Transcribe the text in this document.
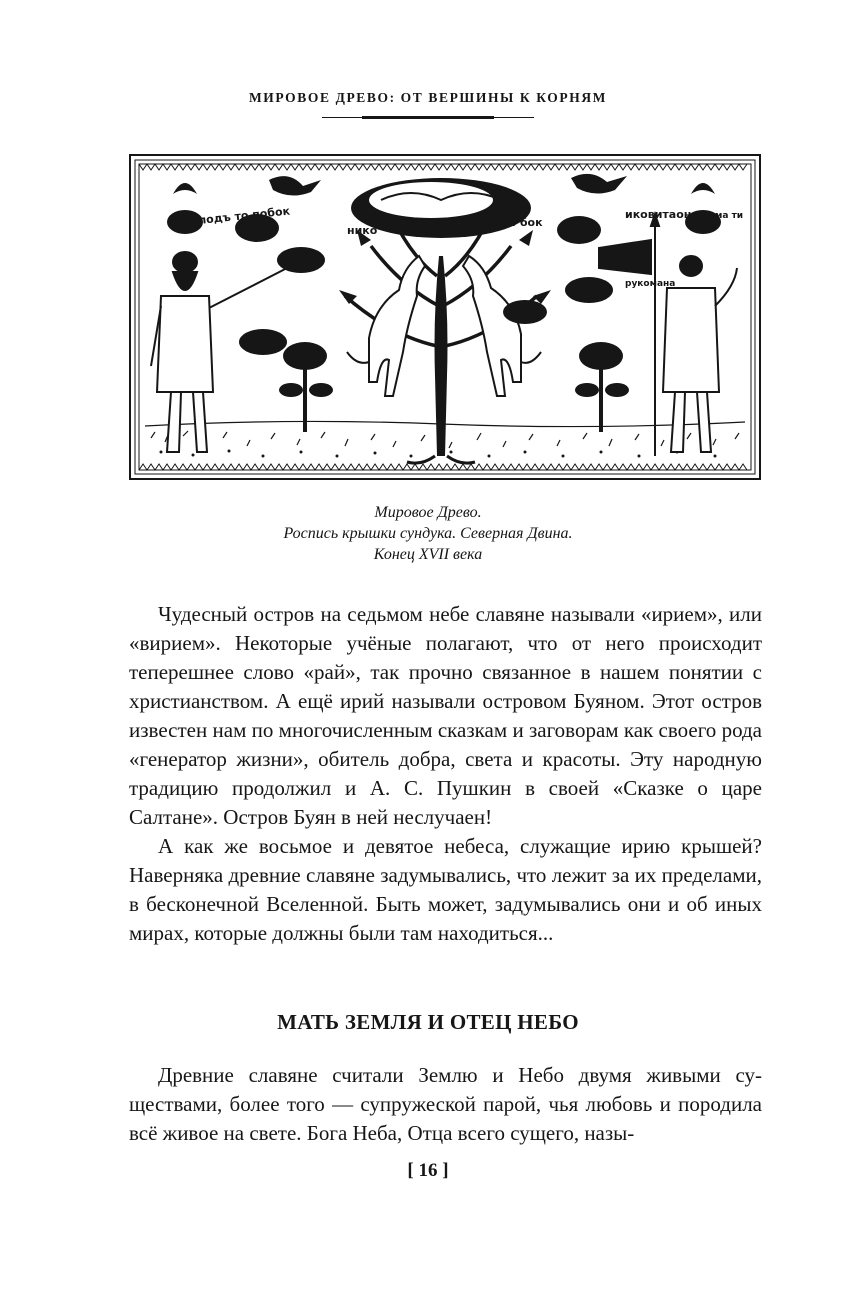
МИРОВОЕ ДРЕВО: ОТ ВЕРШИНЫ К КОРНЯМ
подъ то побок
нико
ль бок
иковитаон	ма ти
рукомана
Мировое Древо.
Роспись крышки сундука. Северная Двина.
Конец XVII века

Чудесный остров на седьмом небе славяне называли «ирием», или «вирием». Некоторые учёные полагают, что от него происходит теперешнее слово «рай», так прочно связанное в нашем понятии с христианством. А ещё ирий называли островом Буяном. Этот остров известен нам по многочисленным сказкам и заговорам как своего рода «генератор жизни», обитель добра, света и красоты. Эту народную традицию продолжил и А. С. Пушкин в своей «Сказке о царе Салтане». Остров Буян в ней неслучаен!

А как же восьмое и девятое небеса, служащие ирию крышей? Наверняка древние славяне задумывались, что лежит за их пределами, в бесконечной Вселенной. Быть может, задумывались они и об иных мирах, которые должны были там находиться...

МАТЬ ЗЕМЛЯ И ОТЕЦ НЕБО

Древние славяне считали Землю и Небо двумя живыми существами, более того — супружеской парой, чья любовь и породила всё живое на свете. Бога Неба, Отца всего сущего, назы-

[ 16 ]
